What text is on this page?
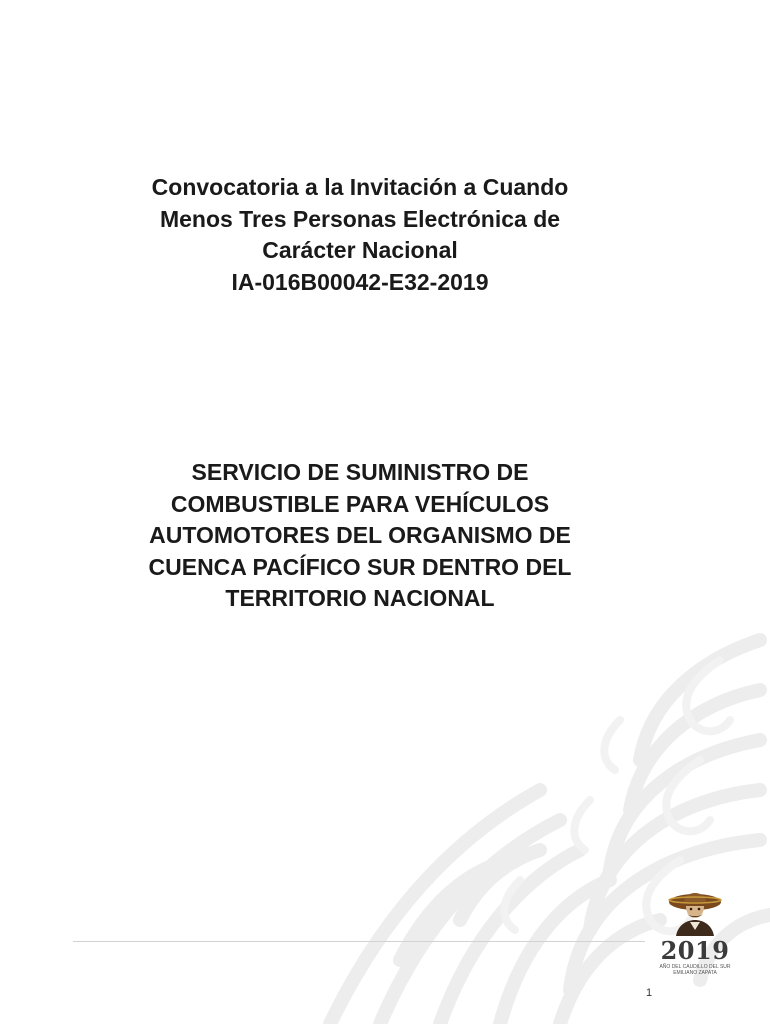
Convocatoria a la Invitación a Cuando
Menos Tres Personas Electrónica de
Carácter Nacional
IA-016B00042-E32-2019
SERVICIO DE SUMINISTRO DE
COMBUSTIBLE PARA VEHÍCULOS
AUTOMOTORES DEL ORGANISMO DE
CUENCA PACÍFICO SUR DENTRO DEL
TERRITORIO NACIONAL
2019
AÑO DEL CAUDILLO DEL SUR EMILIANO ZAPATA
1
